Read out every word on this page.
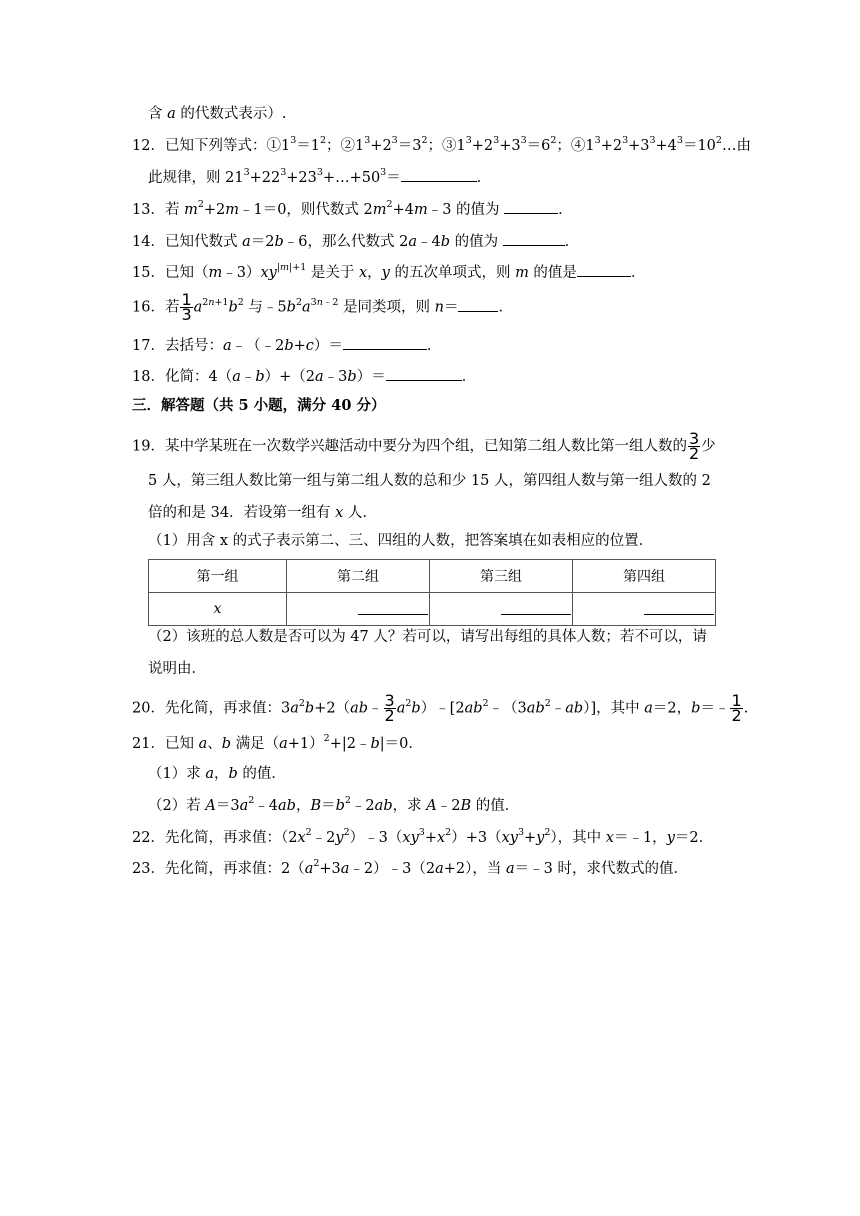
含 a 的代数式表示）.
12．已知下列等式：$①1^3=1^2$；$②1^3+2^3=3^2$；$③1^3+2^3+3^3=6^2$；$④1^3+2^3+3^3+4^3=10^2\dots$由
此规律，则 $21^3+22^3+23^3+\dots+50^3=$	．
13．若 $m^2+2m﹣1=0$，则代数式 $2m^2+4m﹣3$ 的值为	．
14．已知代数式 a＝2b﹣6，那么代数式 2a﹣4b 的值为	．
15．已知$(m﹣3)xy^{|m|+1}$ 是关于 x，y 的五次单项式，则 m 的值是	．
16．若 $\frac{1}{3} a^{2n+1}b^2$ 与$﹣5b^2a^{3n﹣2}$ 是同类项，则 n＝	．
17．去括号：a﹣（﹣2b+c）＝	．
18．化简：4（a﹣b）+（2a﹣3b）＝	．
三．解答题（共 5 小题，满分 40 分）
19．某中学某班在一次数学兴趣活动中要分为四个组，已知第二组人数比第一组人数的 $\frac{3}{2}$ 少
5 人，第三组人数比第一组与第二组人数的总和少 15 人，第四组人数与第一组人数的 2
倍的和是 34．若设第一组有 x 人．
（1）用含 x 的式子表示第二、三、四组的人数，把答案填在如表相应的位置．
第一组	第二组	第三组	第四组
x			
（2）该班的总人数是否可以为 47 人？若可以，请写出每组的具体人数；若不可以，请
说明由．
20．先化简，再求值：$3a^2b+2(ab﹣ \frac{3}{2}$ $a^2b)﹣[2ab^2﹣(3ab^2﹣ab)]$，其中 a＝2，b＝﹣ $\frac{1}{2}$ .
21．已知 a、b 满足$(a+1)^2+|2﹣b|=0$．
（1）求 a，b 的值．
（2）若 $A=3a^2﹣4ab$，$B=b^2﹣2ab$，求 A﹣2B 的值．
22．先化简，再求值：$(2x^2﹣2y^2)﹣3(xy^3+x^2)+3(xy^3+y^2)$，其中 x＝﹣1，y＝2．
23．先化简，再求值：$2(a^2+3a﹣2)﹣3(2a+2)$，当 a＝﹣3 时，求代数式的值．
